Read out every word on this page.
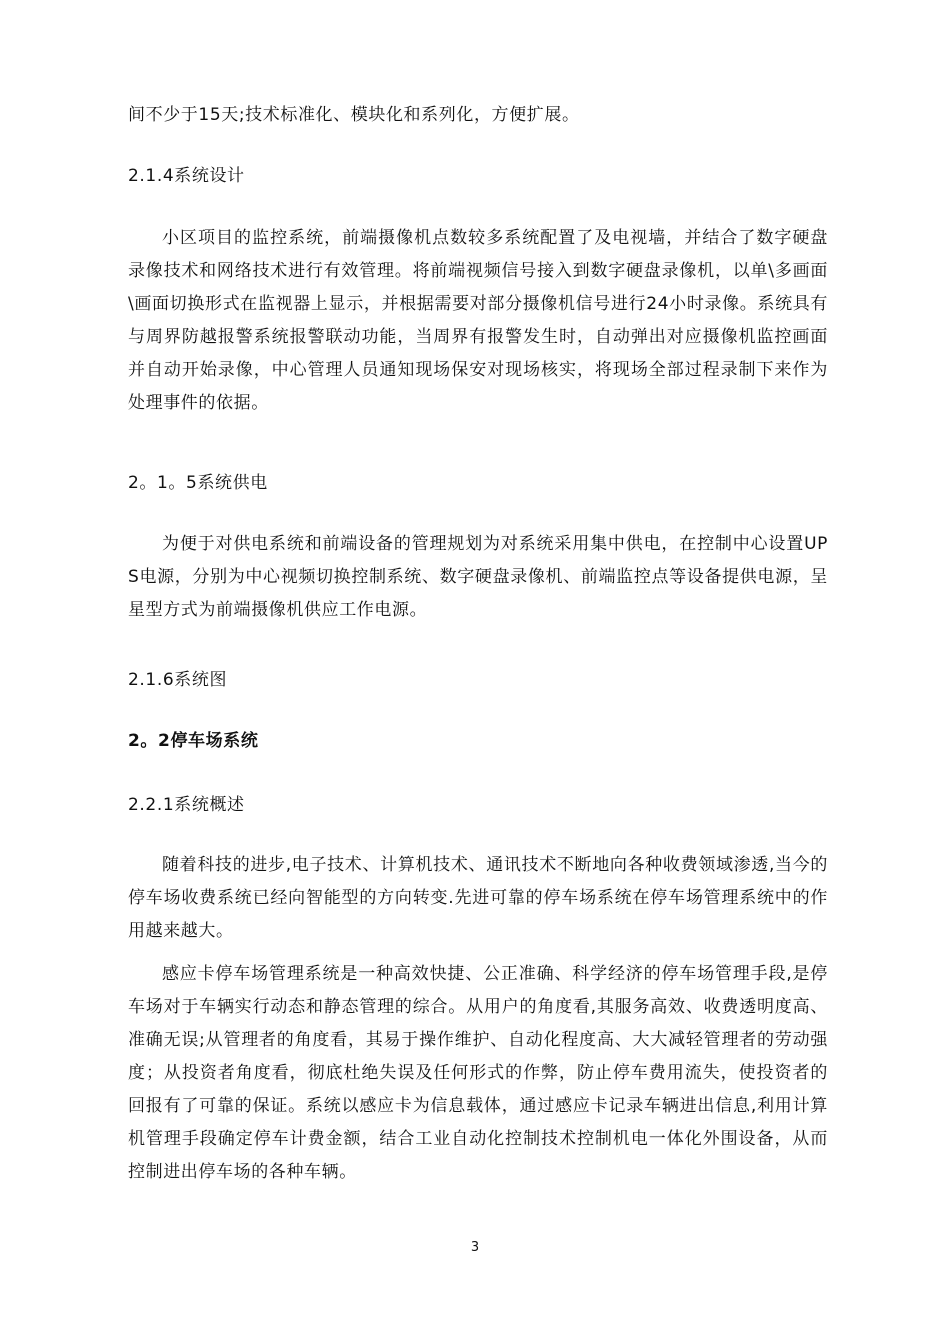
间不少于15天;技术标准化、模块化和系列化，方便扩展。
2.1.4系统设计
小区项目的监控系统，前端摄像机点数较多系统配置了及电视墙，并结合了数字硬盘录像技术和网络技术进行有效管理。将前端视频信号接入到数字硬盘录像机，以单\多画面\画面切换形式在监视器上显示，并根据需要对部分摄像机信号进行24小时录像。系统具有与周界防越报警系统报警联动功能，当周界有报警发生时，自动弹出对应摄像机监控画面并自动开始录像，中心管理人员通知现场保安对现场核实，将现场全部过程录制下来作为处理事件的依据。
2。1。5系统供电
为便于对供电系统和前端设备的管理规划为对系统采用集中供电，在控制中心设置UPS电源，分别为中心视频切换控制系统、数字硬盘录像机、前端监控点等设备提供电源，呈星型方式为前端摄像机供应工作电源。
2.1.6系统图
2。2停车场系统
2.2.1系统概述
随着科技的进步,电子技术、计算机技术、通讯技术不断地向各种收费领域渗透,当今的停车场收费系统已经向智能型的方向转变.先进可靠的停车场系统在停车场管理系统中的作用越来越大。
感应卡停车场管理系统是一种高效快捷、公正准确、科学经济的停车场管理手段,是停车场对于车辆实行动态和静态管理的综合。从用户的角度看,其服务高效、收费透明度高、准确无误;从管理者的角度看，其易于操作维护、自动化程度高、大大减轻管理者的劳动强度；从投资者角度看，彻底杜绝失误及任何形式的作弊，防止停车费用流失，使投资者的回报有了可靠的保证。系统以感应卡为信息载体，通过感应卡记录车辆进出信息,利用计算机管理手段确定停车计费金额，结合工业自动化控制技术控制机电一体化外围设备，从而控制进出停车场的各种车辆。
3
